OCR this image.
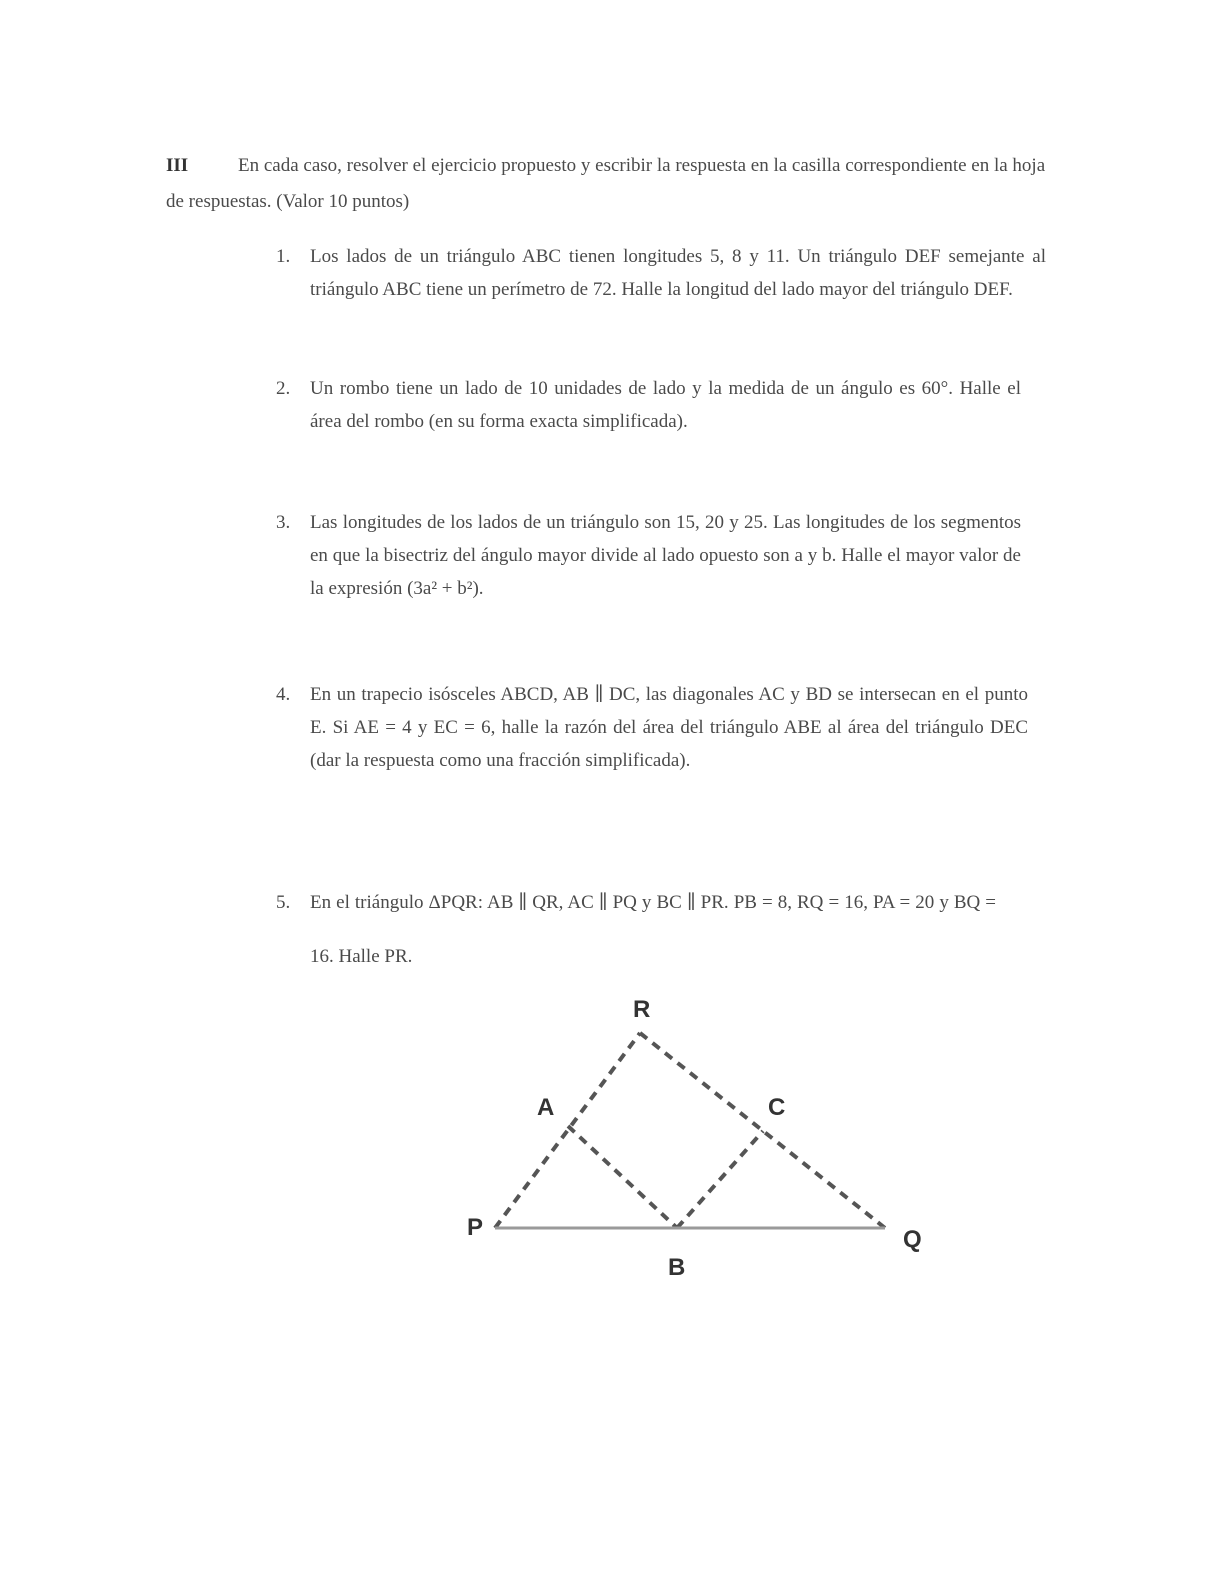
III	En cada caso, resolver el ejercicio propuesto y escribir la respuesta en la casilla correspondiente en la hoja de respuestas. (Valor 10 puntos)
1.	Los lados de un triángulo ABC tienen longitudes 5, 8 y 11. Un triángulo DEF semejante al triángulo ABC tiene un perímetro de 72. Halle la longitud del lado mayor del triángulo DEF.
2.	Un rombo tiene un lado de 10 unidades de lado y la medida de un ángulo es 60°. Halle el área del rombo (en su forma exacta simplificada).
3.	Las longitudes de los lados de un triángulo son 15, 20 y 25. Las longitudes de los segmentos en que la bisectriz del ángulo mayor divide al lado opuesto son a y b. Halle el mayor valor de la expresión (3a² + b²).
4.	En un trapecio isósceles ABCD, AB ∥ DC, las diagonales AC y BD se intersecan en el punto E. Si AE = 4 y EC = 6, halle la razón del área del triángulo ABE al área del triángulo DEC (dar la respuesta como una fracción simplificada).
5.	En el triángulo ΔPQR: AB ∥ QR, AC ∥ PQ y BC ∥ PR. PB = 8, RQ = 16, PA = 20 y BQ = 16. Halle PR.
R
A	C
P
B
Q
